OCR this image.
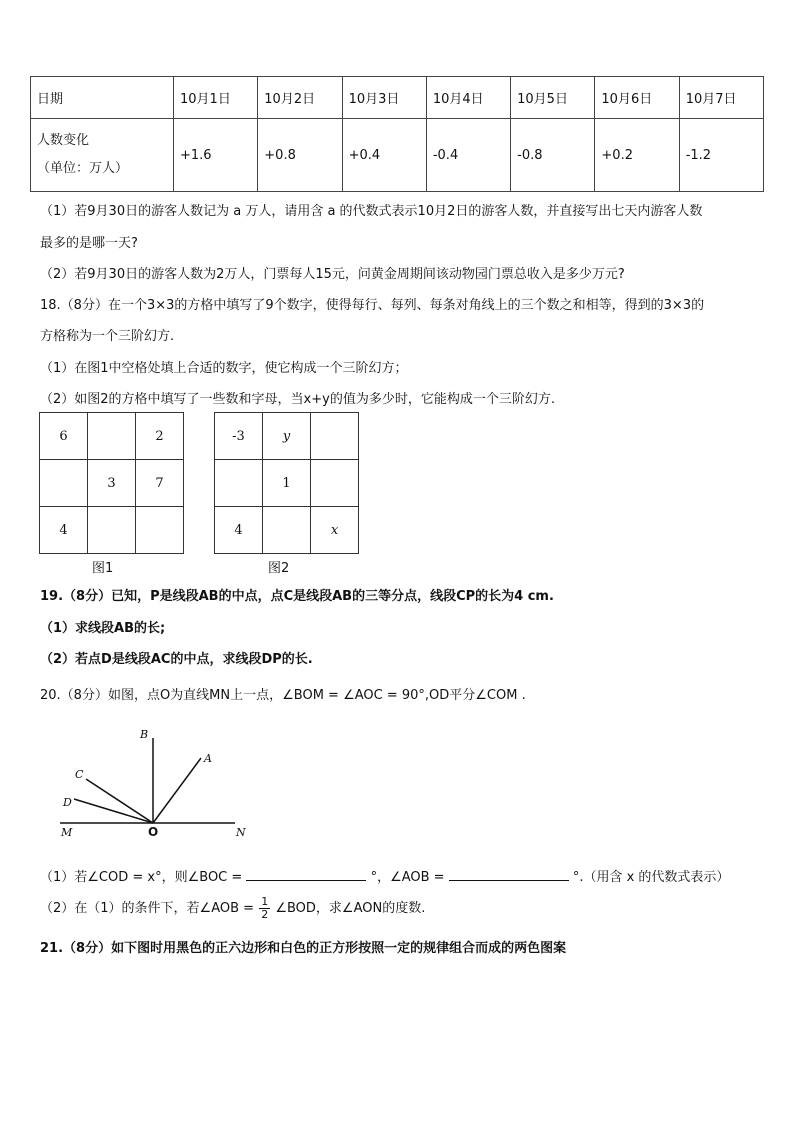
日期	10月1日	10月2日	10月3日	10月4日	10月5日	10月6日	10月7日

人数变化
（单位：万人）	+1.6	+0.8	+0.4	-0.4	-0.8	+0.2	-1.2
（1）若9月30日的游客人数记为 a 万人，请用含 a 的代数式表示10月2日的游客人数，并直接写出七天内游客人数
最多的是哪一天?
（2）若9月30日的游客人数为2万人，门票每人15元，问黄金周期间该动物园门票总收入是多少万元?
18.（8分）在一个3×3的方格中填写了9个数字，使得每行、每列、每条对角线上的三个数之和相等，得到的3×3的
方格称为一个三阶幻方.
（1）在图1中空格处填上合适的数字，使它构成一个三阶幻方；
（2）如图2的方格中填写了一些数和字母，当x+y的值为多少时，它能构成一个三阶幻方.
6		2
	3	7
4		
图1
-3	y	
	1	
4		x
图2
19.（8分）已知，P是线段AB的中点，点C是线段AB的三等分点，线段CP的长为4 cm.
（1）求线段AB的长;
（2）若点D是线段AC的中点，求线段DP的长.
20.（8分）如图，点O为直线MN上一点，∠BOM = ∠AOC = 90°,OD平分∠COM .
B
A
C
D
M	N
O
（1）若∠COD = x°，则∠BOC =	°，∠AOB =	°.（用含 x 的代数式表示）
（2）在（1）的条件下，若∠AOB = $\frac{1}{2}$ ∠BOD，求∠AON的度数.
21.（8分）如下图时用黑色的正六边形和白色的正方形按照一定的规律组合而成的两色图案
